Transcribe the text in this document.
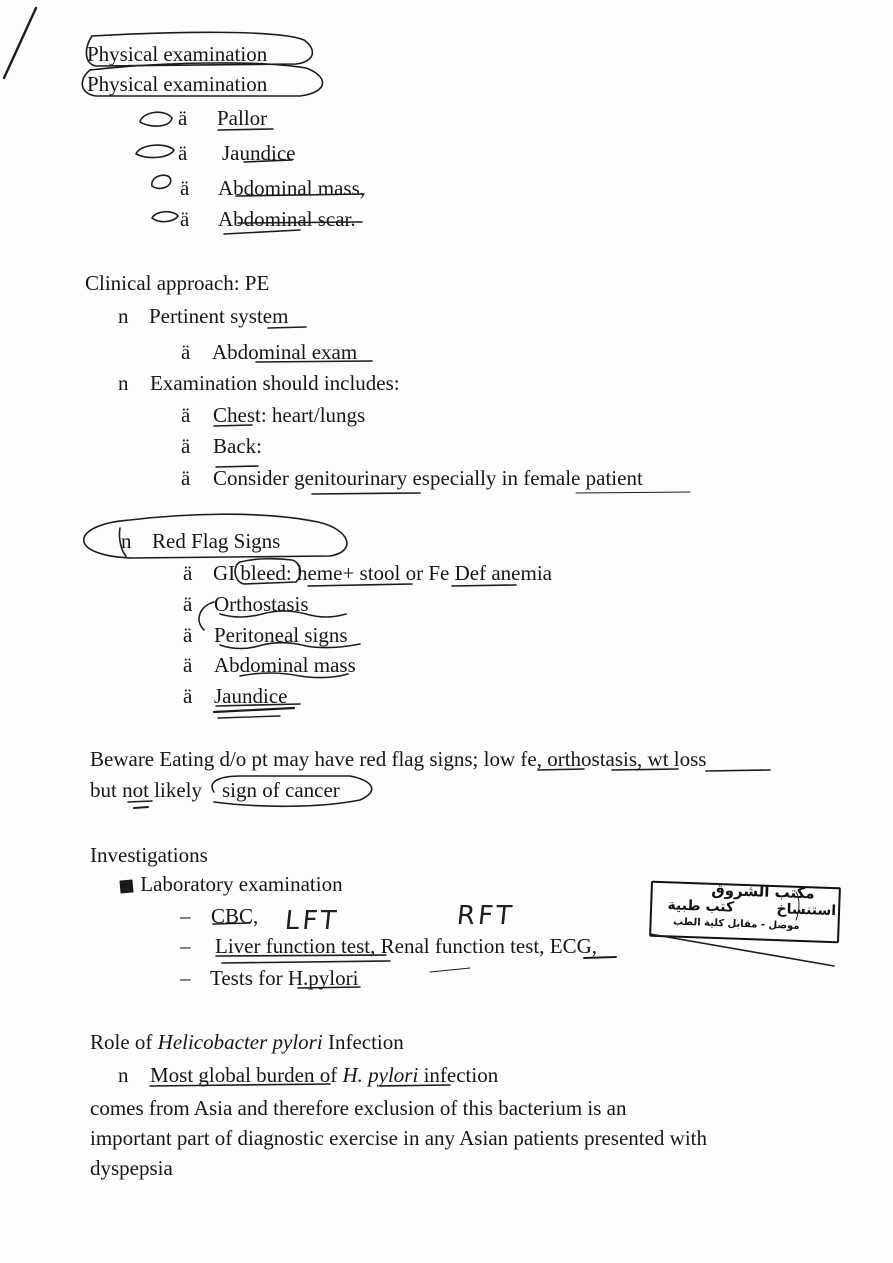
Physical examination
Physical examination
ä Pallor
ä Jaundice
ä Abdominal mass,
ä Abdominal scar.
Clinical approach: PE
n Pertinent system
ä Abdominal exam
n Examination should includes:
ä Chest: heart/lungs
ä Back:
ä Consider genitourinary especially in female patient
n Red Flag Signs
ä GI bleed: heme+ stool or Fe Def anemia
ä Orthostasis
ä Peritoneal signs
ä Abdominal mass
ä Jaundice
Beware Eating d/o pt may have red flag signs; low fe, orthostasis, wt loss
but not likely sign of cancer
Investigations
Laboratory examination
– CBC, LFT	RFT
– Liver function test, Renal function test, ECG,
– Tests for H.pylori
مكتب الشروق
كتب طبية	استنساخ
موصل - مقابل كلية الطب
Role of Helicobacter pylori Infection
n Most global burden of H. pylori infection
comes from Asia and therefore exclusion of this bacterium is an
important part of diagnostic exercise in any Asian patients presented with
dyspepsia
